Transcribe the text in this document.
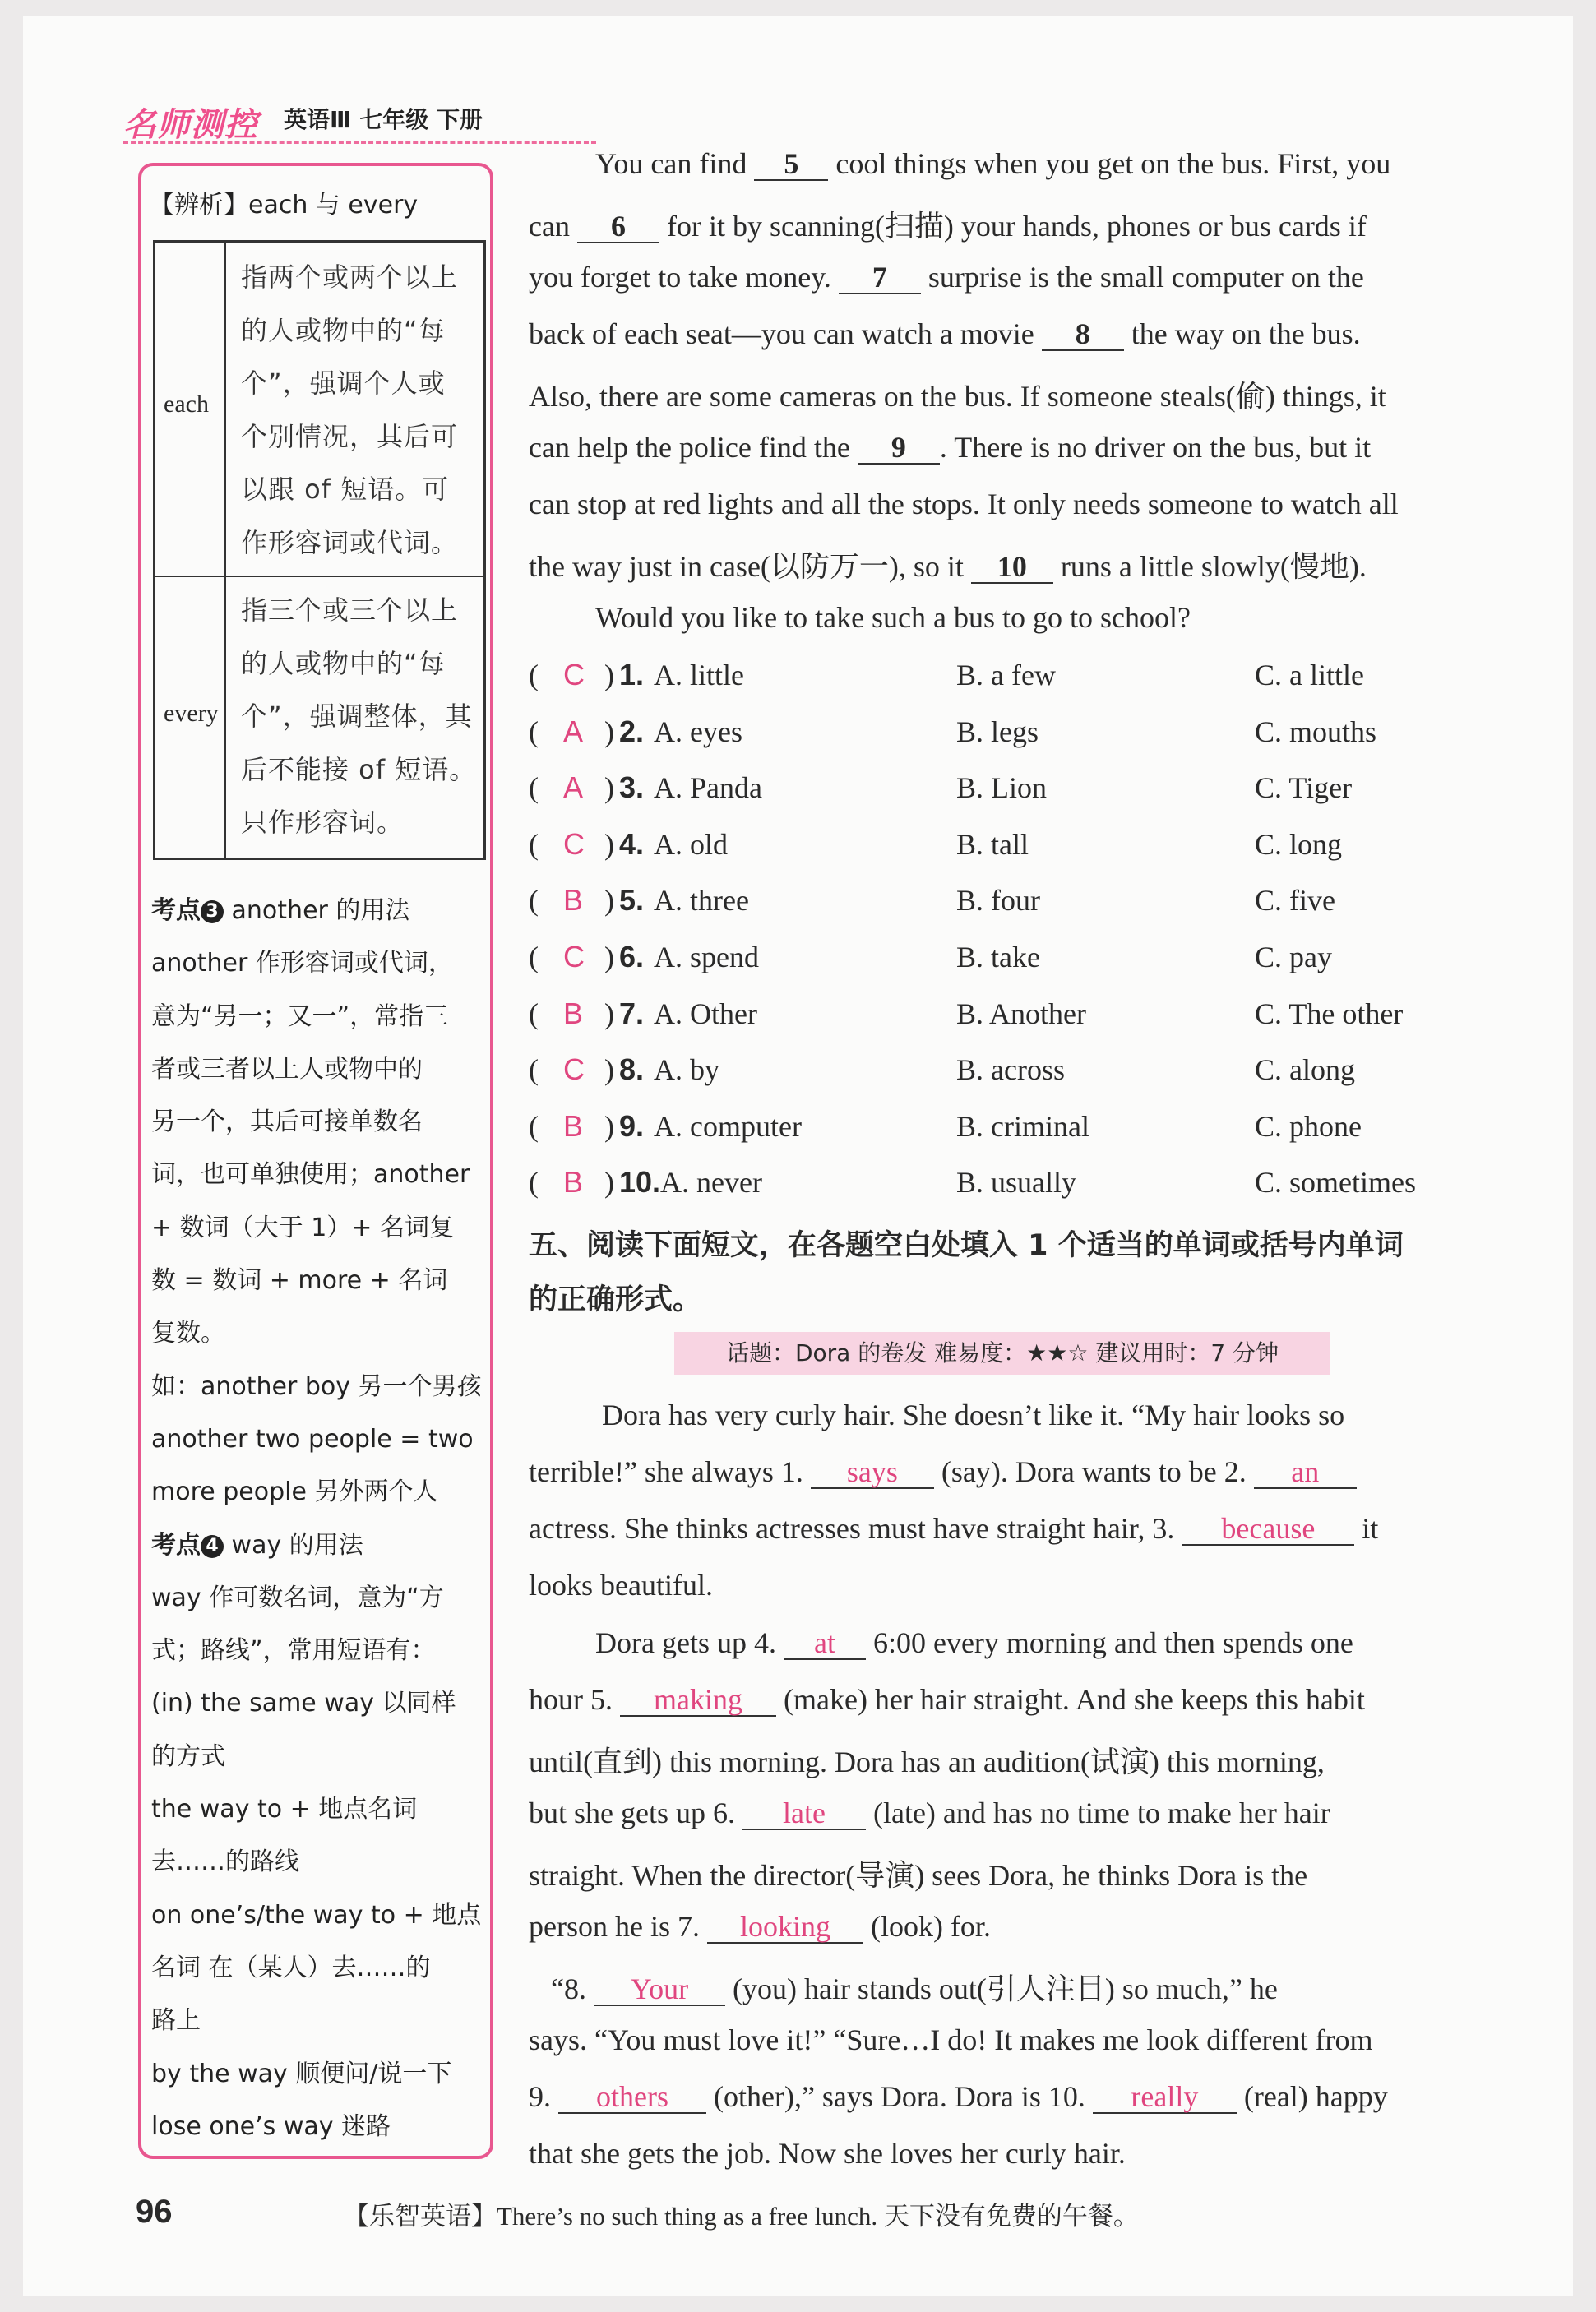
名师测控 英语Ⅲ 七年级 下册
【辨析】each 与 every
each
指两个或两个以上
的人或物中的“每
个”，强调个人或
个别情况，其后可
以跟 of 短语。可
作形容词或代词。
every
指三个或三个以上
的人或物中的“每
个”，强调整体，其
后不能接 of 短语。
只作形容词。
考点 3 another 的用法
another 作形容词或代词，
意为“另一；又一”，常指三
者或三者以上人或物中的
另一个，其后可接单数名
词，也可单独使用；another
+ 数词（大于 1）+ 名词复
数 = 数词 + more + 名词
复数。
如：another boy 另一个男孩
another two people = two
more people 另外两个人
考点 4 way 的用法
way 作可数名词，意为“方
式；路线”，常用短语有：
(in) the same way 以同样
的方式
the way to + 地点名词
去……的路线
on one’s/the way to + 地点
名词 在（某人）去……的
路上
by the way 顺便问/说一下
lose one’s way 迷路
You can find 5 cool things when you get on the bus. First, you
can 6 for it by scanning(扫描) your hands, phones or bus cards if
you forget to take money. 7 surprise is the small computer on the
back of each seat—you can watch a movie 8 the way on the bus.
Also, there are some cameras on the bus. If someone steals(偷) things, it
can help the police find the 9 . There is no driver on the bus, but it
can stop at red lights and all the stops. It only needs someone to watch all
the way just in case(以防万一), so it 10 runs a little slowly(慢地).
Would you like to take such a bus to go to school?
( C ) 1. A. little	B. a few	C. a little
( A ) 2. A. eyes	B. legs	C. mouths
( A ) 3. A. Panda	B. Lion	C. Tiger
( C ) 4. A. old	B. tall	C. long
( B ) 5. A. three	B. four	C. five
( C ) 6. A. spend	B. take	C. pay
( B ) 7. A. Other	B. Another	C. The other
( C ) 8. A. by	B. across	C. along
( B ) 9. A. computer	B. criminal	C. phone
( B ) 10. A. never	B. usually	C. sometimes
五、阅读下面短文，在各题空白处填入 1 个适当的单词或括号内单词
的正确形式。
话题：Dora 的卷发 难易度：★★☆ 建议用时：7 分钟
Dora has very curly hair. She doesn’t like it. “My hair looks so
terrible!” she always 1. says (say). Dora wants to be 2. an
actress. She thinks actresses must have straight hair, 3. because it
looks beautiful.
Dora gets up 4. at 6:00 every morning and then spends one
hour 5. making (make) her hair straight. And she keeps this habit
until(直到) this morning. Dora has an audition(试演) this morning,
but she gets up 6. late (late) and has no time to make her hair
straight. When the director(导演) sees Dora, he thinks Dora is the
person he is 7. looking (look) for.
“8. Your (you) hair stands out(引人注目) so much,” he
says. “You must love it!” “Sure…I do! It makes me look different from
9. others (other),” says Dora. Dora is 10. really (real) happy
that she gets the job. Now she loves her curly hair.
96	【乐智英语】There’s no such thing as a free lunch. 天下没有免费的午餐。
